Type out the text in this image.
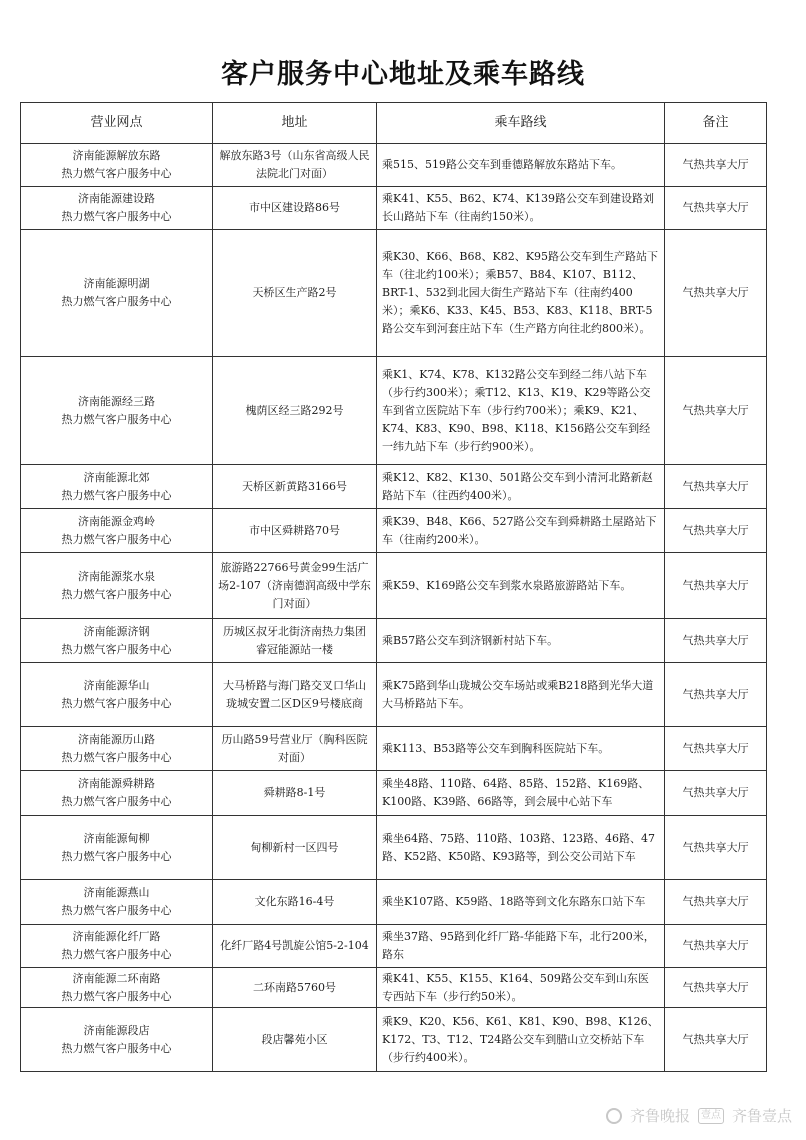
客户服务中心地址及乘车路线
营业网点	地址	乘车路线	备注

济南能源解放东路
热力燃气客户服务中心	解放东路3号（山东省高级人民法院北门对面）	乘515、519路公交车到垂德路解放东路站下车。	气热共享大厅

济南能源建设路
热力燃气客户服务中心	市中区建设路86号	乘K41、K55、B62、K74、K139路公交车到建设路刘长山路站下车（往南约150米）。	气热共享大厅

济南能源明湖
热力燃气客户服务中心	天桥区生产路2号	乘K30、K66、B68、K82、K95路公交车到生产路站下车（往北约100米）；乘B57、B84、K107、B112、BRT-1、532到北园大街生产路站下车（往南约400米）；乘K6、K33、K45、B53、K83、K118、BRT-5路公交车到河套庄站下车（生产路方向往北约800米）。	气热共享大厅

济南能源经三路
热力燃气客户服务中心	槐荫区经三路292号	乘K1、K74、K78、K132路公交车到经二纬八站下车（步行约300米）；乘T12、K13、K19、K29等路公交车到省立医院站下车（步行约700米）；乘K9、K21、K74、K83、K90、B98、K118、K156路公交车到经一纬九站下车（步行约900米）。	气热共享大厅

济南能源北郊
热力燃气客户服务中心	天桥区新黄路3166号	乘K12、K82、K130、501路公交车到小清河北路新赵路站下车（往西约400米）。	气热共享大厅

济南能源金鸡岭
热力燃气客户服务中心	市中区舜耕路70号	乘K39、B48、K66、527路公交车到舜耕路土屋路站下车（往南约200米）。	气热共享大厅

济南能源浆水泉
热力燃气客户服务中心	旅游路22766号黄金99生活广场2-107（济南德润高级中学东门对面）	乘K59、K169路公交车到浆水泉路旅游路站下车。	气热共享大厅

济南能源济钢
热力燃气客户服务中心	历城区叔牙北街济南热力集团睿冠能源站一楼	乘B57路公交车到济钢新村站下车。	气热共享大厅

济南能源华山
热力燃气客户服务中心	大马桥路与海门路交叉口华山珑城安置二区D区9号楼底商	乘K75路到华山珑城公交车场站或乘B218路到光华大道大马桥路站下车。	气热共享大厅

济南能源历山路
热力燃气客户服务中心	历山路59号营业厅（胸科医院对面）	乘K113、B53路等公交车到胸科医院站下车。	气热共享大厅

济南能源舜耕路
热力燃气客户服务中心	舜耕路8-1号	乘坐48路、110路、64路、85路、152路、K169路、K100路、K39路、66路等，到会展中心站下车	气热共享大厅

济南能源甸柳
热力燃气客户服务中心	甸柳新村一区四号	乘坐64路、75路、110路、103路、123路、46路、47路、K52路、K50路、K93路等，到公交公司站下车	气热共享大厅

济南能源燕山
热力燃气客户服务中心	文化东路16-4号	乘坐K107路、K59路、18路等到文化东路东口站下车	气热共享大厅

济南能源化纤厂路
热力燃气客户服务中心	化纤厂路4号凯旋公馆5-2-104	乘坐37路、95路到化纤厂路-华能路下车，北行200米，路东	气热共享大厅

济南能源二环南路
热力燃气客户服务中心	二环南路5760号	乘K41、K55、K155、K164、509路公交车到山东医专西站下车（步行约50米）。	气热共享大厅

济南能源段店
热力燃气客户服务中心	段店馨苑小区	乘K9、K20、K56、K61、K81、K90、B98、K126、K172、T3、T12、T24路公交车到腊山立交桥站下车（步行约400米）。	气热共享大厅
齐鲁晚报	壹点 齐鲁壹点
